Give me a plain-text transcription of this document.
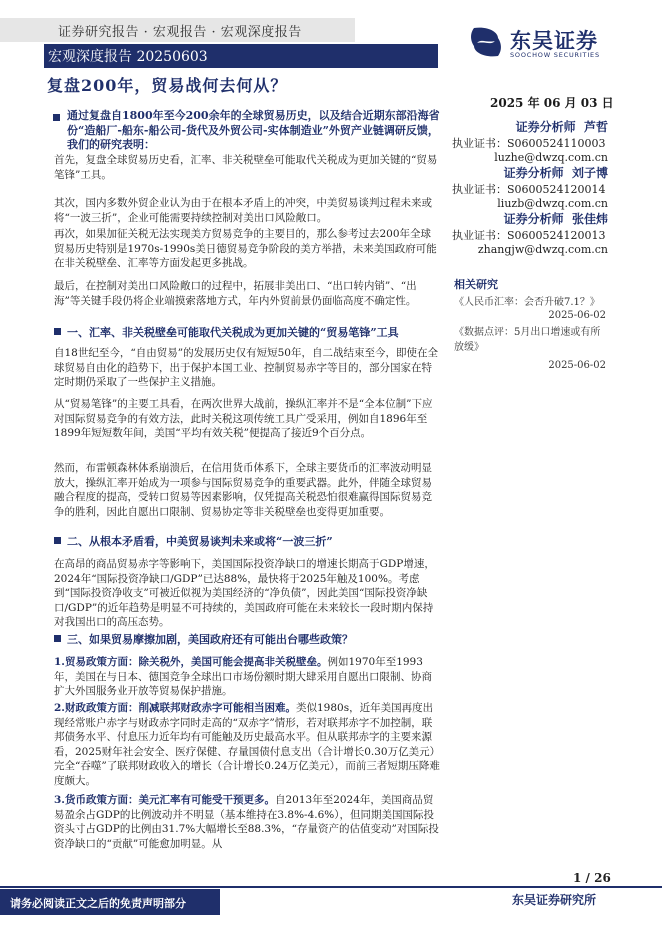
证券研究报告 · 宏观报告 · 宏观深度报告
宏观深度报告 20250603
东吴证券
SOOCHOW SECURITIES
复盘200年，贸易战何去何从？
2025 年 06 月 03 日
通过复盘自1800年至今200余年的全球贸易历史，以及结合近期东部沿海省份“造船厂-船东-船公司-货代及外贸公司-实体制造业”外贸产业链调研反馈，我们的研究表明：
首先，复盘全球贸易历史看，汇率、非关税壁垒可能取代关税成为更加关键的“贸易笔锋”工具。
其次，国内多数外贸企业认为由于在根本矛盾上的冲突，中美贸易谈判过程未来或将“一波三折”，企业可能需要持续控制对美出口风险敞口。
再次，如果加征关税无法实现美方贸易竞争的主要目的，那么参考过去200年全球贸易历史特别是1970s-1990s美日德贸易竞争阶段的美方举措，未来美国政府可能在非关税壁垒、汇率等方面发起更多挑战。
最后，在控制对美出口风险敞口的过程中，拓展非美出口、“出口转内销”、“出海”等关键手段仍将企业端摸索落地方式，年内外贸前景仍面临高度不确定性。
一、汇率、非关税壁垒可能取代关税成为更加关键的“贸易笔锋”工具
自18世纪至今，“自由贸易”的发展历史仅有短短50年，自二战结束至今，即使在全球贸易自由化的趋势下，出于保护本国工业、控制贸易赤字等目的，部分国家在特定时期仍采取了一些保护主义措施。
从“贸易笔锋”的主要工具看，在两次世界大战前，操纵汇率并不是“全本位制”下应对国际贸易竞争的有效方法，此时关税这项传统工具广受采用，例如自1896年至1899年短短数年间，美国“平均有效关税”便提高了接近9个百分点。
然而，布雷顿森林体系崩溃后，在信用货币体系下，全球主要货币的汇率波动明显放大，操纵汇率开始成为一项参与国际贸易竞争的重要武器。此外，伴随全球贸易融合程度的提高，受转口贸易等因素影响，仅凭提高关税恐怕很难赢得国际贸易竞争的胜利，因此自愿出口限制、贸易协定等非关税壁垒也变得更加重要。
二、从根本矛盾看，中美贸易谈判未来或将“一波三折”
在高昂的商品贸易赤字等影响下，美国国际投资净缺口的增速长期高于GDP增速，2024年“国际投资净缺口/GDP”已达88%，最快将于2025年触及100%。考虑到“国际投资净收支”可被近似视为美国经济的“净负债”，因此美国“国际投资净缺口/GDP”的近年趋势是明显不可持续的，美国政府可能在未来较长一段时期内保持对我国出口的高压态势。
三、如果贸易摩擦加剧，美国政府还有可能出台哪些政策？
1.贸易政策方面：除关税外，美国可能会提高非关税壁垒。例如1970年至1993年，美国在与日本、德国竞争全球出口市场份额时期大肆采用自愿出口限制、协商扩大外国服务业开放等贸易保护措施。
2.财政政策方面：削减联邦财政赤字可能相当困难。类似1980s，近年美国再度出现经常账户赤字与财政赤字同时走高的“双赤字”情形，若对联邦赤字不加控制，联邦债务水平、付息压力近年均有可能触及历史最高水平。但从联邦赤字的主要来源看，2025财年社会安全、医疗保健、存量国债付息支出（合计增长0.30万亿美元）完全“吞噬”了联邦财政收入的增长（合计增长0.24万亿美元），而前三者短期压降难度颇大。
3.货币政策方面：美元汇率有可能受干预更多。自2013年至2024年，美国商品贸易盈余占GDP的比例波动并不明显（基本维持在3.8%-4.6%），但同期美国国际投资头寸占GDP的比例由31.7%大幅增长至88.3%，“存量资产的估值变动”对国际投资净缺口的“贡献”可能愈加明显。从
证券分析师 芦哲
执业证书：S0600524110003
luzhe@dwzq.com.cn
证券分析师 刘子博
执业证书：S0600524120014
liuzb@dwzq.com.cn
证券分析师 张佳炜
执业证书：S0600524120013
zhangjw@dwzq.com.cn
相关研究
《人民币汇率：会否升破7.1？》
2025-06-02
《数据点评：5月出口增速或有所放缓》
2025-06-02
1 / 26
请务必阅读正文之后的免责声明部分	东吴证券研究所
